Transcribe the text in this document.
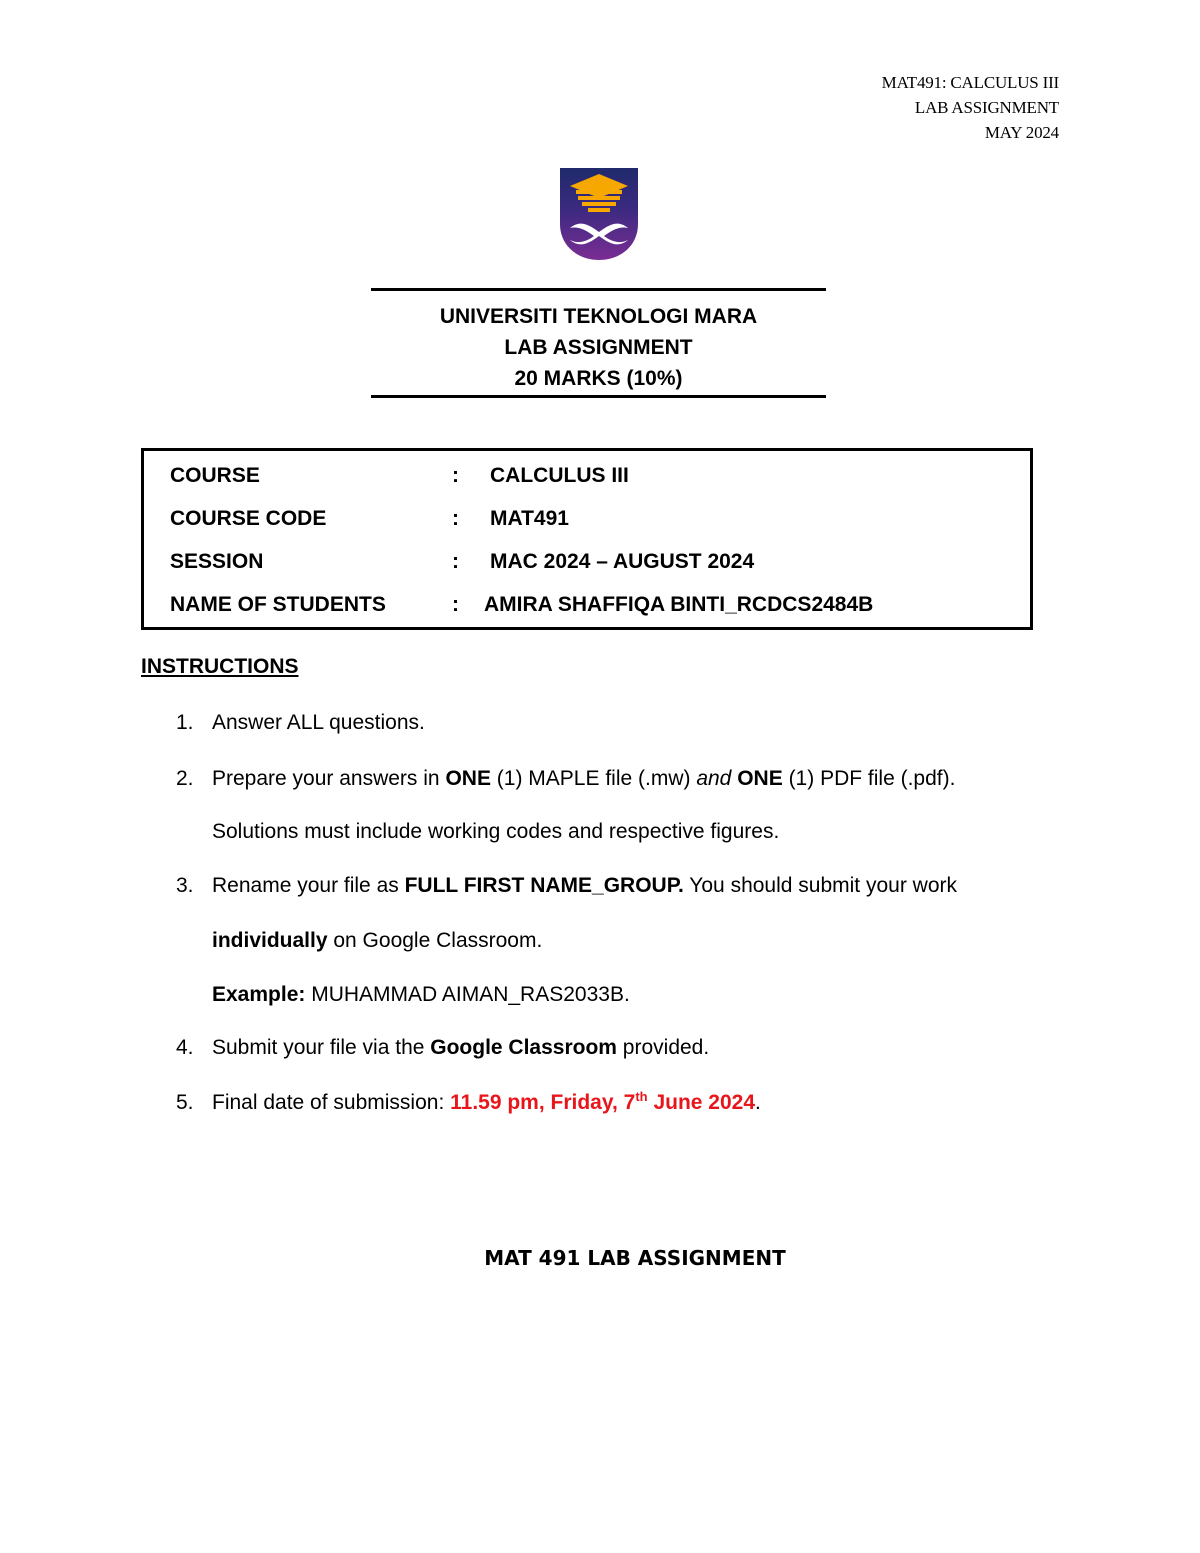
MAT491: CALCULUS III
LAB ASSIGNMENT
MAY 2024
UNIVERSITI TEKNOLOGI MARA
LAB ASSIGNMENT
20 MARKS (10%)
COURSE	: CALCULUS III
COURSE CODE	: MAT491
SESSION	: MAC 2024 – AUGUST 2024
NAME OF STUDENTS	: AMIRA SHAFFIQA BINTI_RCDCS2484B
INSTRUCTIONS
1. Answer ALL questions.
2. Prepare your answers in ONE (1) MAPLE file (.mw) and ONE (1) PDF file (.pdf).
Solutions must include working codes and respective figures.
3. Rename your file as FULL FIRST NAME_GROUP. You should submit your work
individually on Google Classroom.
Example: MUHAMMAD AIMAN_RAS2033B.
4. Submit your file via the Google Classroom provided.
5. Final date of submission: 11.59 pm, Friday, 7th June 2024.
MAT 491 LAB ASSIGNMENT
